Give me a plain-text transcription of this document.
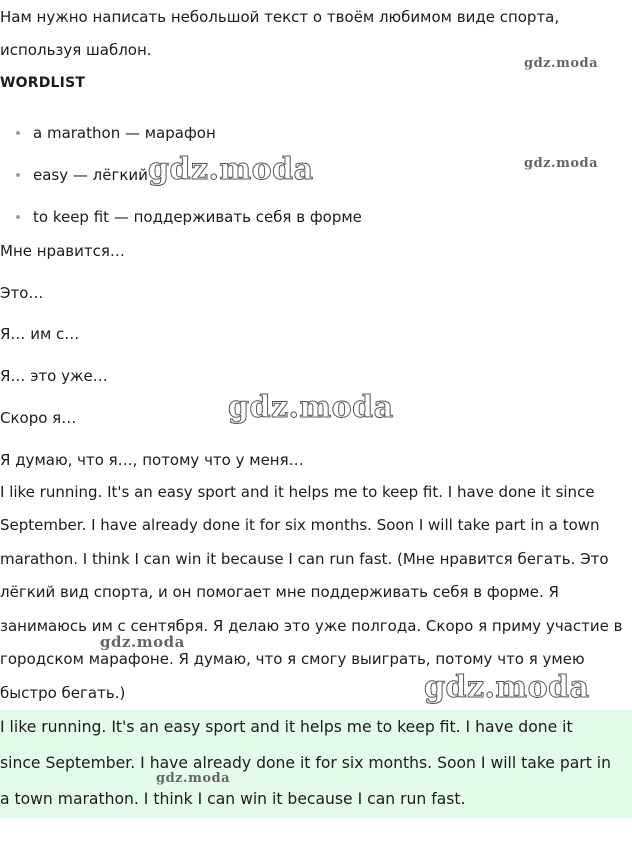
Нам нужно написать небольшой текст о твоём любимом виде спорта,
используя шаблон.
WORDLIST
a marathon — марафон
easy — лёгкий
to keep fit — поддерживать себя в форме
Мне нравится…
Это…
Я… им с…
Я… это уже…
Скоро я…
Я думаю, что я…, потому что у меня…
I like running. It's an easy sport and it helps me to keep fit. I have done it since
September. I have already done it for six months. Soon I will take part in a town
marathon. I think I can win it because I can run fast. (Мне нравится бегать. Это
лёгкий вид спорта, и он помогает мне поддерживать себя в форме. Я
занимаюсь им с сентября. Я делаю это уже полгода. Скоро я приму участие в
городском марафоне. Я думаю, что я смогу выиграть, потому что я умею
быстро бегать.)
I like running. It's an easy sport and it helps me to keep fit. I have done it
since September. I have already done it for six months. Soon I will take part in
a town marathon. I think I can win it because I can run fast.
gdz.moda
gdz.moda
gdz.moda
gdz.moda
gdz.moda
gdz.moda
gdz.moda
